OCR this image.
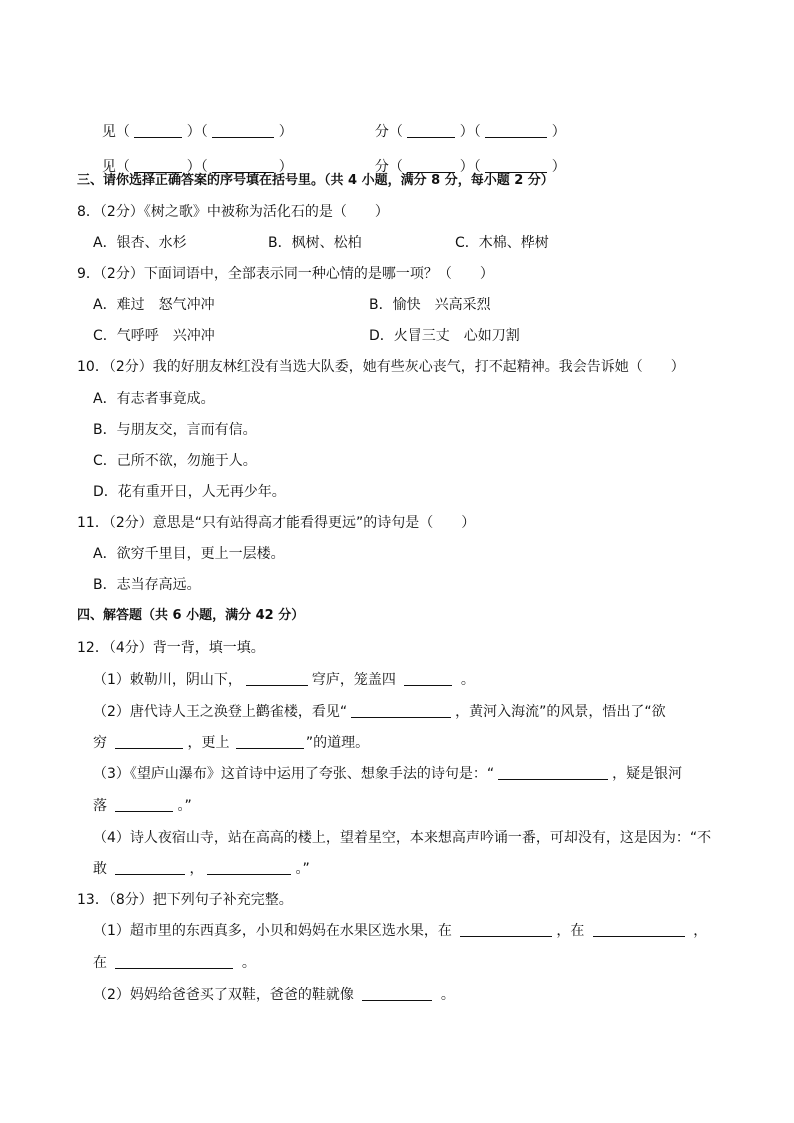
见（	）（	）	分（	）（	）

见（	）（	）	分（	）（	）

三、请你选择正确答案的序号填在括号里。（共 4 小题，满分 8 分，每小题 2 分）
8．（2分）《树之歌》中被称为活化石的是（　　）
A．银杏、水杉	B．枫树、松柏	C．木棉、桦树
9．（2分）下面词语中，全部表示同一种心情的是哪一项？（　　）
A．难过　怒气冲冲	B．愉快　兴高采烈
C．气呼呼　兴冲冲	D．火冒三丈　心如刀割
10．（2分）我的好朋友林红没有当选大队委，她有些灰心丧气，打不起精神。我会告诉她（　　）
A．有志者事竟成。
B．与朋友交，言而有信。
C．己所不欲，勿施于人。
D．花有重开日，人无再少年。
11．（2分）意思是“只有站得高才能看得更远”的诗句是（　　）
A．欲穷千里目，更上一层楼。
B．志当存高远。
四、解答题（共 6 小题，满分 42 分）
12．（4分）背一背，填一填。
（1）敕勒川，阴山下，	穹庐，笼盖四	。
（2）唐代诗人王之涣登上鹳雀楼，看见“	，黄河入海流”的风景，悟出了“欲
穷	，更上	”的道理。
（3）《望庐山瀑布》这首诗中运用了夸张、想象手法的诗句是：“	，疑是银河
落	。”
（4）诗人夜宿山寺，站在高高的楼上，望着星空，本来想高声吟诵一番，可却没有，这是因为：“不
敢	，	。”
13．（8分）把下列句子补充完整。
（1）超市里的东西真多，小贝和妈妈在水果区选水果，在	，在	，
在	。
（2）妈妈给爸爸买了双鞋，爸爸的鞋就像	。
